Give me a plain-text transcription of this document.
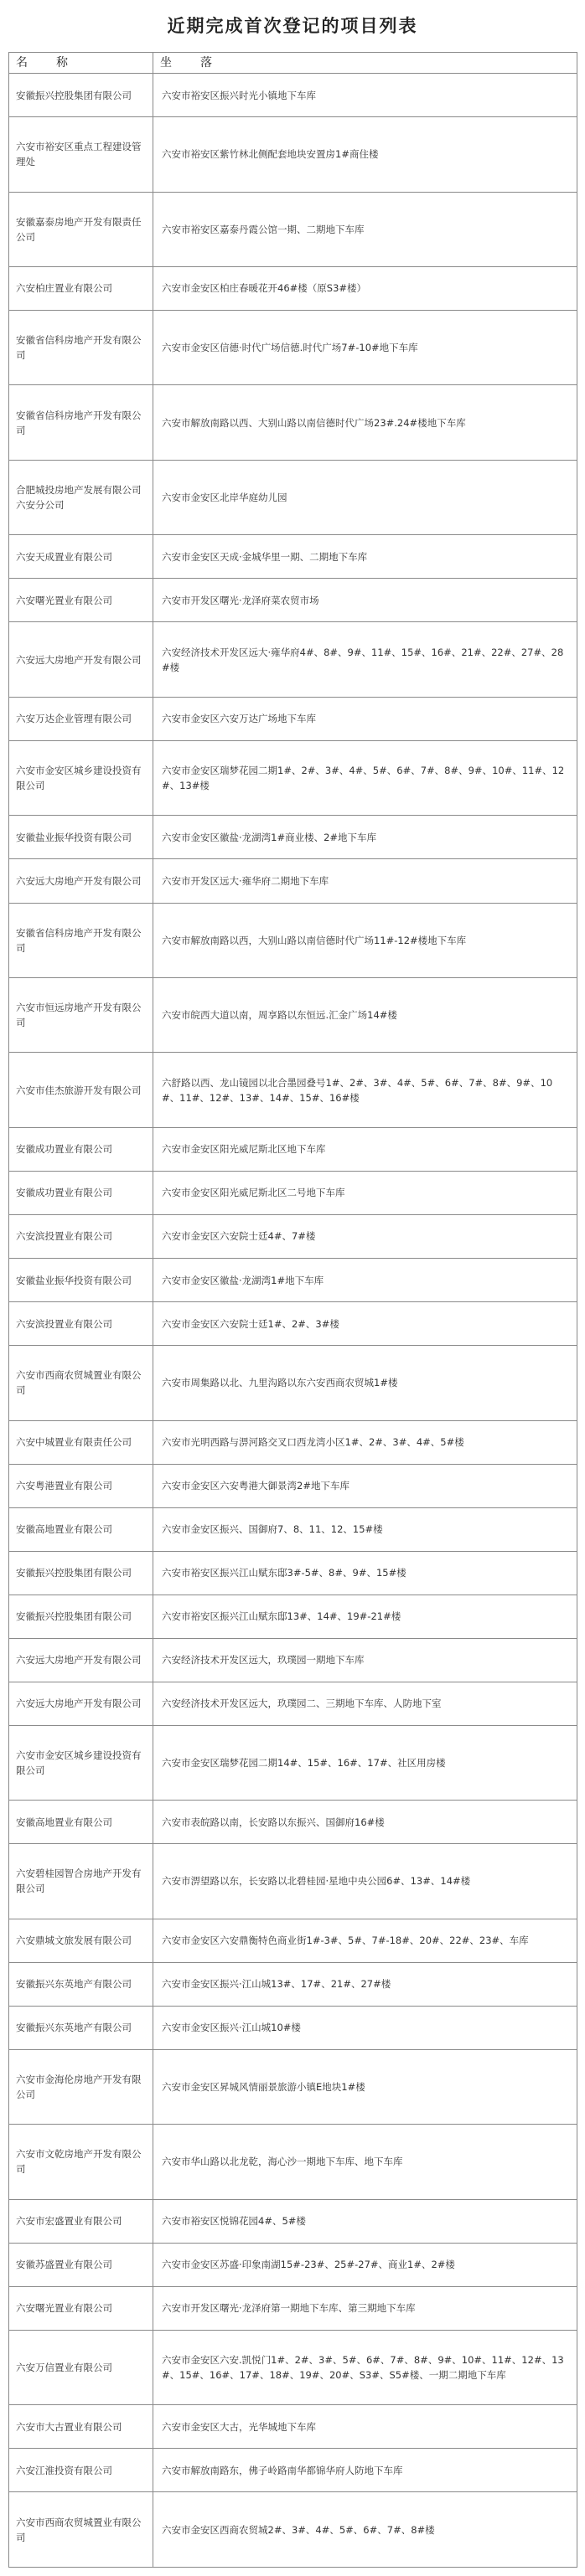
近期完成首次登记的项目列表
名　称	坐　落
安徽振兴控股集团有限公司	六安市裕安区振兴时光小镇地下车库
六安市裕安区重点工程建设管理处	六安市裕安区紫竹林北侧配套地块安置房1#商住楼
安徽嘉泰房地产开发有限责任公司	六安市裕安区嘉泰丹霞公馆一期、二期地下车库
六安柏庄置业有限公司	六安市金安区柏庄春暖花开46#楼（原S3#楼）
安徽省信科房地产开发有限公司	六安市金安区信德·时代广场信德.时代广场7#-10#地下车库
安徽省信科房地产开发有限公司	六安市解放南路以西、大别山路以南信德时代广场23#.24#楼地下车库
合肥城投房地产发展有限公司六安分公司	六安市金安区北岸华庭幼儿园
六安天成置业有限公司	六安市金安区天成·金城华里一期、二期地下车库
六安曙光置业有限公司	六安市开发区曙光·龙泽府菜农贸市场
六安远大房地产开发有限公司	六安经济技术开发区远大·雍华府4#、8#、9#、11#、15#、16#、21#、22#、27#、28#楼
六安万达企业管理有限公司	六安市金安区六安万达广场地下车库
六安市金安区城乡建设投资有限公司	六安市金安区瑞梦花园二期1#、2#、3#、4#、5#、6#、7#、8#、9#、10#、11#、12#、13#楼
安徽盐业振华投资有限公司	六安市金安区徽盐·龙湖湾1#商业楼、2#地下车库
六安远大房地产开发有限公司	六安市开发区远大·雍华府二期地下车库
安徽省信科房地产开发有限公司	六安市解放南路以西，大别山路以南信德时代广场11#-12#楼地下车库
六安市恒远房地产开发有限公司	六安市皖西大道以南，周享路以东恒远.汇金广场14#楼
六安市佳杰旅游开发有限公司	六舒路以西、龙山镜园以北合墨园叠号1#、2#、3#、4#、5#、6#、7#、8#、9#、10#、11#、12#、13#、14#、15#、16#楼
安徽成功置业有限公司	六安市金安区阳光威尼斯北区地下车库
安徽成功置业有限公司	六安市金安区阳光威尼斯北区二号地下车库
六安滨投置业有限公司	六安市金安区六安院士廷4#、7#楼
安徽盐业振华投资有限公司	六安市金安区徽盐·龙湖湾1#地下车库
六安滨投置业有限公司	六安市金安区六安院士廷1#、2#、3#楼
六安市西商农贸城置业有限公司	六安市周集路以北、九里沟路以东六安西商农贸城1#楼
六安中城置业有限责任公司	六安市光明西路与淠河路交叉口西龙湾小区1#、2#、3#、4#、5#楼
六安粤港置业有限公司	六安市金安区六安粤港大御景湾2#地下车库
安徽高地置业有限公司	六安市金安区振兴、国御府7、8、11、12、15#楼
安徽振兴控股集团有限公司	六安市裕安区振兴江山赋东邸3#-5#、8#、9#、15#楼
安徽振兴控股集团有限公司	六安市裕安区振兴江山赋东邸13#、14#、19#-21#楼
六安远大房地产开发有限公司	六安经济技术开发区远大，玖璞园一期地下车库
六安远大房地产开发有限公司	六安经济技术开发区远大，玖璞园二、三期地下车库、人防地下室
六安市金安区城乡建设投资有限公司	六安市金安区瑞梦花园二期14#、15#、16#、17#、社区用房楼
安徽高地置业有限公司	六安市表皖路以南，长安路以东振兴、国御府16#楼
六安碧桂园智合房地产开发有限公司	六安市淠望路以东，长安路以北碧桂园·星地中央公园6#、13#、14#楼
六安鼎城文旅发展有限公司	六安市金安区六安鼎衡特色商业街1#-3#、5#、7#-18#、20#、22#、23#、车库
安徽振兴东英地产有限公司	六安市金安区振兴·江山城13#、17#、21#、27#楼
安徽振兴东英地产有限公司	六安市金安区振兴·江山城10#楼
六安市金海伦房地产开发有限公司	六安市金安区昇城风情丽景旅游小镇E地块1#楼
六安市文乾房地产开发有限公司	六安市华山路以北龙乾，海心沙一期地下车库、地下车库
六安市宏盛置业有限公司	六安市裕安区悦锦花园4#、5#楼
安徽苏盛置业有限公司	六安市金安区苏盛·印象南湖15#-23#、25#-27#、商业1#、2#楼
六安曙光置业有限公司	六安市开发区曙光·龙泽府第一期地下车库、第三期地下车库
六安万信置业有限公司	六安市金安区六安.凯悦门1#、2#、3#、5#、6#、7#、8#、9#、10#、11#、12#、13#、15#、16#、17#、18#、19#、20#、S3#、S5#楼、一期二期地下车库
六安市大古置业有限公司	六安市金安区大古，光华城地下车库
六安江淮投资有限公司	六安市解放南路东，佛子岭路南华都锦华府人防地下车库
六安市西商农贸城置业有限公司	六安市金安区西商农贸城2#、3#、4#、5#、6#、7#、8#楼
